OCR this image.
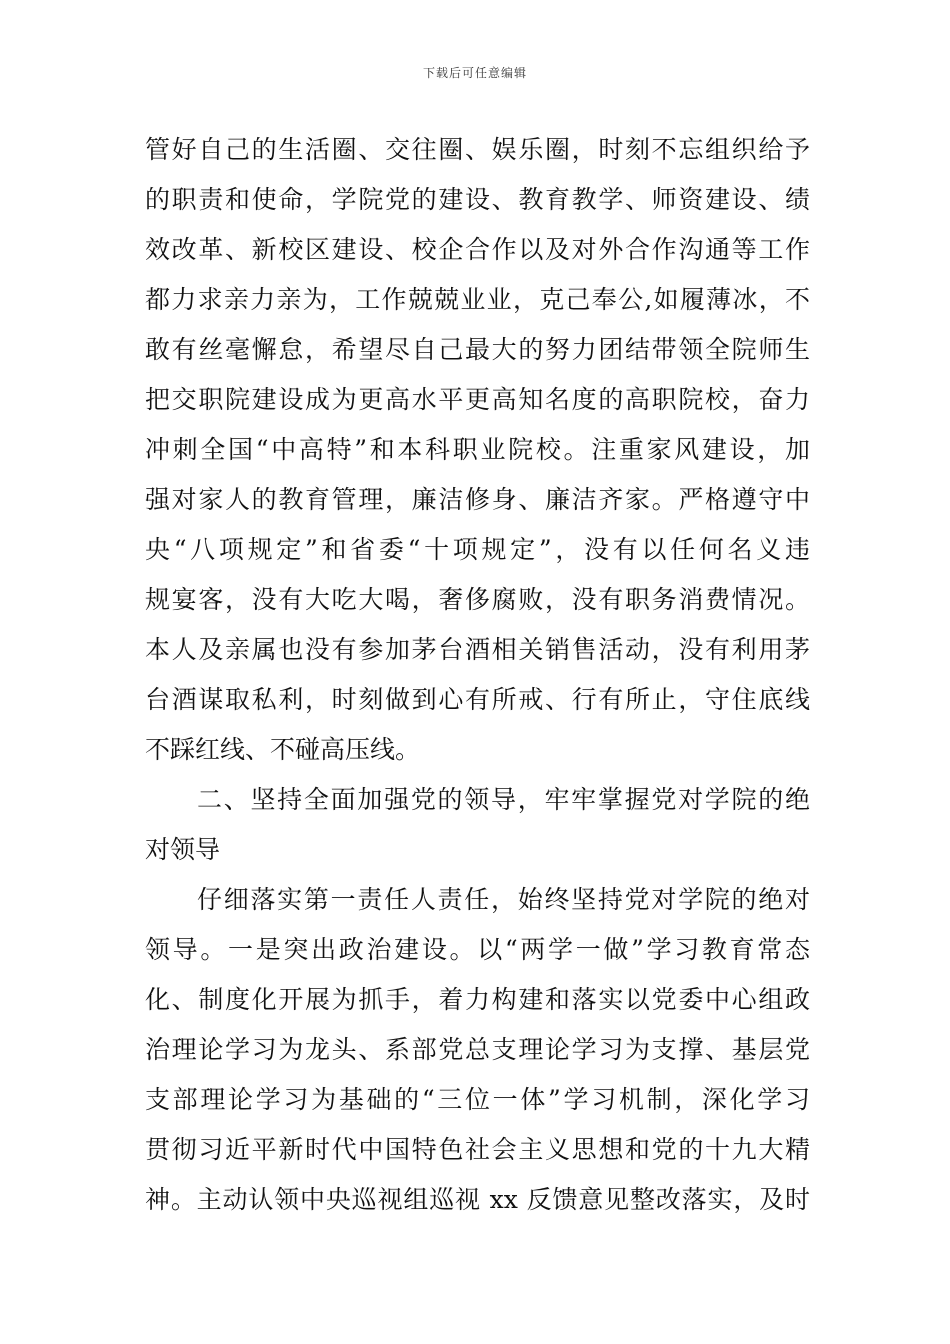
下载后可任意编辑
管好自己的生活圈、交往圈、娱乐圈，时刻不忘组织给予
的职责和使命，学院党的建设、教育教学、师资建设、绩
效改革、新校区建设、校企合作以及对外合作沟通等工作
都力求亲力亲为，工作兢兢业业，克己奉公,如履薄冰，不
敢有丝毫懈怠，希望尽自己最大的努力团结带领全院师生
把交职院建设成为更高水平更高知名度的高职院校，奋力
冲刺全国“中高特”和本科职业院校。注重家风建设，加
强对家人的教育管理，廉洁修身、廉洁齐家。严格遵守中
央“八项规定”和省委“十项规定”，没有以任何名义违
规宴客，没有大吃大喝，奢侈腐败，没有职务消费情况。
本人及亲属也没有参加茅台酒相关销售活动，没有利用茅
台酒谋取私利，时刻做到心有所戒、行有所止，守住底线
不踩红线、不碰高压线。
二、坚持全面加强党的领导，牢牢掌握党对学院的绝
对领导
仔细落实第一责任人责任，始终坚持党对学院的绝对
领导。一是突出政治建设。以“两学一做”学习教育常态
化、制度化开展为抓手，着力构建和落实以党委中心组政
治理论学习为龙头、系部党总支理论学习为支撑、基层党
支部理论学习为基础的“三位一体”学习机制，深化学习
贯彻习近平新时代中国特色社会主义思想和党的十九大精
神。主动认领中央巡视组巡视 xx 反馈意见整改落实，及时
